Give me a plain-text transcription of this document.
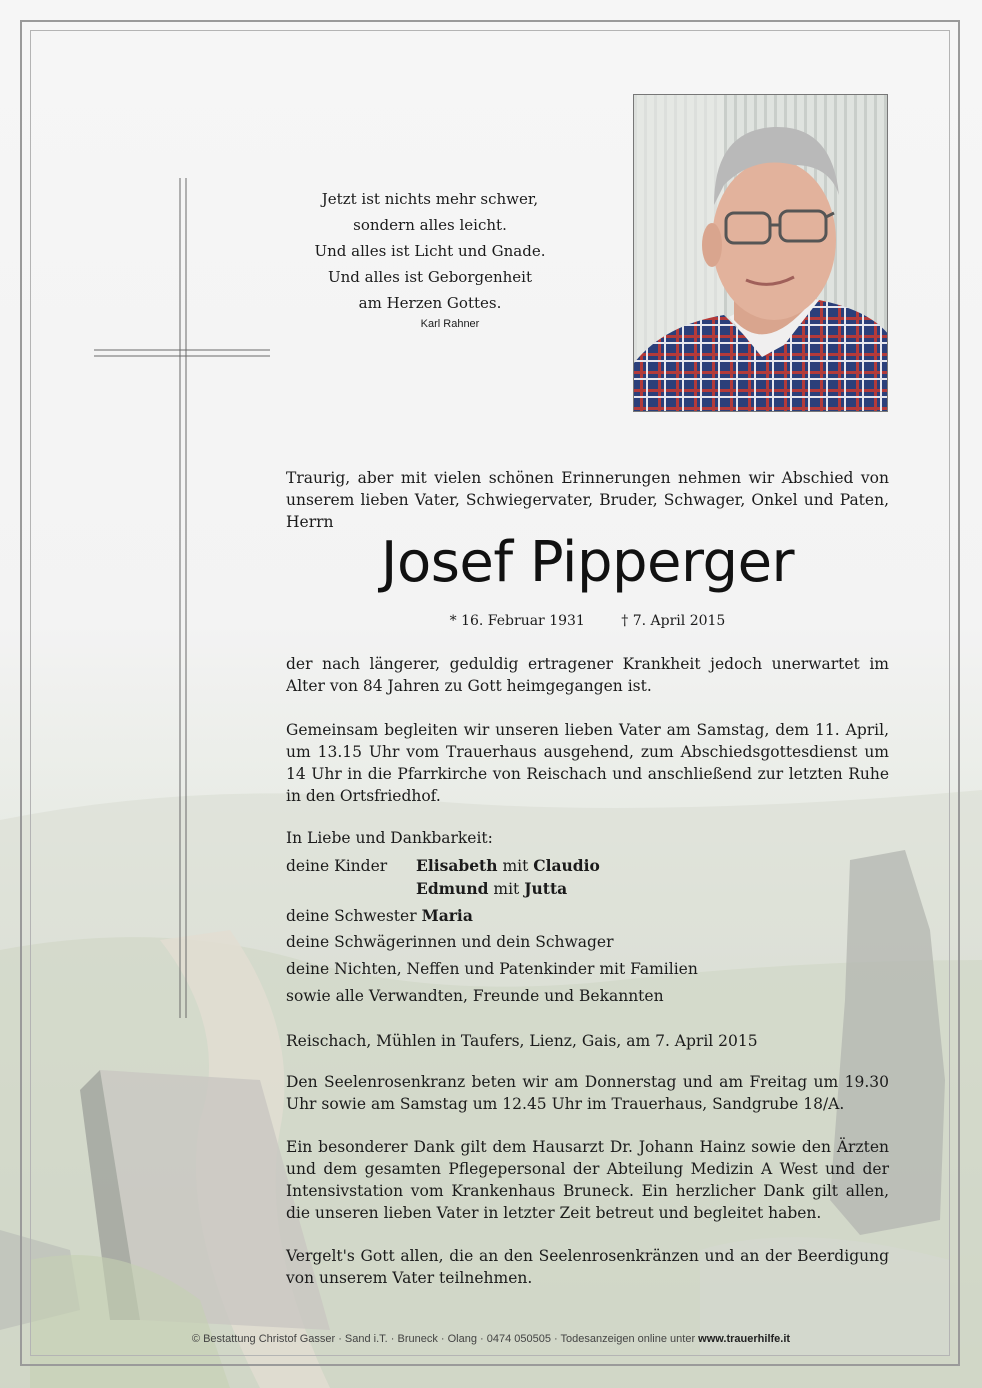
Jetzt ist nichts mehr schwer,
sondern alles leicht.
Und alles ist Licht und Gnade.
Und alles ist Geborgenheit
am Herzen Gottes.
Karl Rahner
Traurig, aber mit vielen schönen Erinnerungen nehmen wir Abschied von unserem lieben Vater, Schwiegervater, Bruder, Schwager, Onkel und Paten, Herrn
Josef Pipperger
* 16. Februar 1931	† 7. April 2015
der nach längerer, geduldig ertragener Krankheit jedoch unerwartet im Alter von 84 Jahren zu Gott heimgegangen ist.
Gemeinsam begleiten wir unseren lieben Vater am Samstag, dem 11. April, um 13.15 Uhr vom Trauerhaus ausgehend, zum Abschiedsgottesdienst um 14 Uhr in die Pfarrkirche von Reischach und anschließend zur letzten Ruhe in den Ortsfriedhof.
In Liebe und Dankbarkeit:
deine Kinder Elisabeth mit Claudio
Edmund mit Jutta
deine Schwester Maria
deine Schwägerinnen und dein Schwager
deine Nichten, Neffen und Patenkinder mit Familien
sowie alle Verwandten, Freunde und Bekannten
Reischach, Mühlen in Taufers, Lienz, Gais, am 7. April 2015
Den Seelenrosenkranz beten wir am Donnerstag und am Freitag um 19.30 Uhr sowie am Samstag um 12.45 Uhr im Trauerhaus, Sandgrube 18/A.
Ein besonderer Dank gilt dem Hausarzt Dr. Johann Hainz sowie den Ärzten und dem gesamten Pflegepersonal der Abteilung Medizin A West und der Intensivstation vom Krankenhaus Bruneck. Ein herzlicher Dank gilt allen, die unseren lieben Vater in letzter Zeit betreut und begleitet haben.
Vergelt's Gott allen, die an den Seelenrosenkränzen und an der Beerdigung von unserem Vater teilnehmen.
© Bestattung Christof Gasser · Sand i.T. · Bruneck · Olang · 0474 050505 · Todesanzeigen online unter www.trauerhilfe.it
